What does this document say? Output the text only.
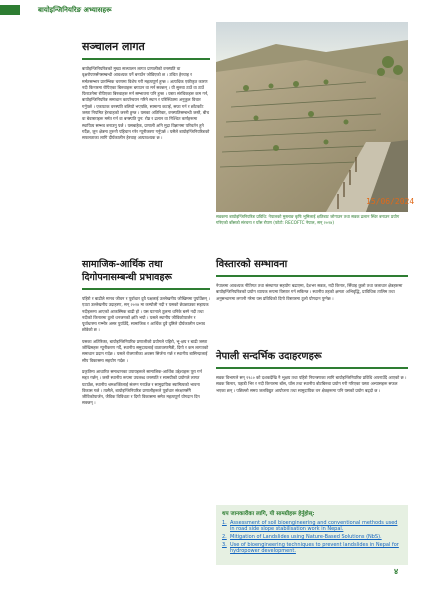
बायोइन्जिनियरिङ अभ्यासहरू
सञ्चालन लागत

बायोइन्जिनियरिङको मुख्य सञ्चालन लागत प्रणालीको वनस्पति वा वृक्षरोपणसँगसम्बन्धी आवश्यक पर्ने बनाउँन जोडिएको छ । उचित हेरचाह र मर्मतसम्भार प्रारम्भिक चरणमा विशेष गरी महत्वपूर्ण हुन्छ । अत्यधिक एकीकृत कारण नदी किनारमा रोपिएका बिरुवाहरू बगाउन वा मर्न सक्छन् । यी सुरुवा ठाउँ वा ठाउँ फिराउनेमा रोपिएका बिरुवाहरू मर्न सम्भावना पनि हुन्छ । यस्ता संरचिकहरू कम गर्न, बायोइन्जिनियरिङ समाधान कार्यान्वयन गरिने स्थान र परिस्थितमा अनुकूल विचार गर्नुपर्छ । एकपटक वनस्पति बलियो भएपछि, सामान्य कटाई, सफा गर्न र छाँटकाँट जस्ता नियमित हेरचाहको जरुरी हुन्छ । यसका अतिरिक्त, वनस्पतिसम्बन्धी जस्तै, बीच वा बेवास्ताहरू मर्मत गर्न वा बनस्पति पुन: रोप्न र ढलान वा निश्चित कर्णहरूमा स्थायित्व सम्भव बनाउनु पर्छ । यसबाहेक, प्रणाली अनि मुद्रा विज्ञानमा परिवर्तन हुने गर्दैछ, जुन क्षेत्रमा तुरुन्तै पहिचान गरेर न्यूनीकरण गर्नुपर्छ । यसैले बायोइन्जिनियरिङको सफलताका लागि दीर्घकालीन हेरचाह अत्यावश्यक छ ।

सामाजिक-आर्थिक तथा
दिगोपनासम्बन्धी प्रभावहरू

पहिरो र बाढीले मानव जीवन र पूर्वाधार दुवै पक्षलाई उल्लेखनीय जोखिममा पुर्याउँछन् । एउटा उल्लेखनीय उदाहरण, सन् २०२४ मा कम्पोली नदी र यसको छेउछाउका सहायक नदीहरूमा आएको आकस्मिक बाढी हो । यस घटनाले ठूलमा धनिके बस्ने नदी तथा नदीको किनारमा ठूलो धनजनको क्षति भयो । यसले स्थानीय जीविकोपार्जन र पूर्वाधारमा गम्भीर असर पुर्याउँदै, सामाजिक र आर्थिक दुवै दृष्टिले दीर्घकालीन प्रभाव छोडेको छ ।

यसका अतिरिक्त, बायोइन्जिनियरिङ प्रणालीको प्रयोगले पहिरो, भू-क्षय र बाढी जस्ता जोखिमहरू न्यूनीकरण गर्दै, स्थानीय समुदायलाई वातावरणमैत्री, दिगो र कम लागतको समाधान प्रदान गर्दछ । यसले रोजगारीका अवसर सिर्जना गर्छ र स्थानीय बासिन्दालाई सीप विकासमा सहयोग गर्दछ ।

प्रकृतिमा आधारित समाधानका उपायहरूले सामाजिक-आर्थिक उद्देश्यहरू पूरा गर्न मद्दत गर्छन् । जस्तै स्थानीय रूपमा उपलब्ध वनस्पति र सामग्रीको प्रयोगले लागत घटाउँछ, स्थानीय श्रमशक्तिलाई संलग्न गराउँछ र सामुदायिक स्वामित्वको भावना विकास गर्छ । त्यसैले, बायोइन्जिनियरिङ प्रणालीहरूले पूर्वाधार संरक्षणसँगै जीविकोपार्जन, जैविक विविधता र दिगो विकासमा समेत महत्वपूर्ण योगदान दिन सक्छन् ।

15/06/2024
सडकमा बायोइन्जिनियरिङ प्रविधि: नेपालको मुस्लाङ कृषि भूमिलाई क्षतिबाट जोगाउन तथा सडक ढलान स्थिर बनाउन प्रयोग गरिएको बाँसको संरचना र घाँस रोपण (फोटो: RECOFTC नेपाल, सन् २०२४)
विस्तारको सम्भावना

नेपालमा आवश्यक नीतिगत तथा संस्थागत सहयोग बढाएमा, देशभर सडक, नदी किनार, सिँचाइ कुलो तथा जलाधार क्षेत्रहरूमा बायोइन्जिनियरिङको प्रयोग व्यापक रूपमा विस्तार गर्न सकिन्छ । स्थानीय तहको क्षमता अभिवृद्धि, प्राविधिक तालिम तथा अनुसन्धानमा लगानी गरेमा यस प्रविधिको दिगो विस्तारमा ठूलो योगदान पुग्नेछ ।

नेपाली सन्दर्भिक उदाहरणहरू

सडक विभागले सन् १९८० को दशकदेखि नै भूक्षय तथा पहिरो नियन्त्रणका लागि बायोइन्जिनियरिङ प्रविधि अपनाउँदै आएको छ । सडक किनार, पहाडी भिर र नदी किनारमा बाँस, घाँस तथा स्थानीय बोटबिरुवा प्रयोग गरी गरिएका यस्ता अभ्यासहरू सफल भएका छन् । पछिल्लो समय जलविद्युत आयोजना तथा सामुदायिक वन क्षेत्रहरूमा पनि यसको प्रयोग बढ्दो छ ।

थप जानकारीका लागि, यी सामग्रीहरू हेर्नुहोस्:
1. Assessment of soil bioengineering and conventional methods used in road side slope stabilisation work in Nepal.
2. Mitigation of Landslides using Nature-Based Solutions (NbS).
3. Use of bioengineering techniques to prevent landslides in Nepal for hydropower development.
४
